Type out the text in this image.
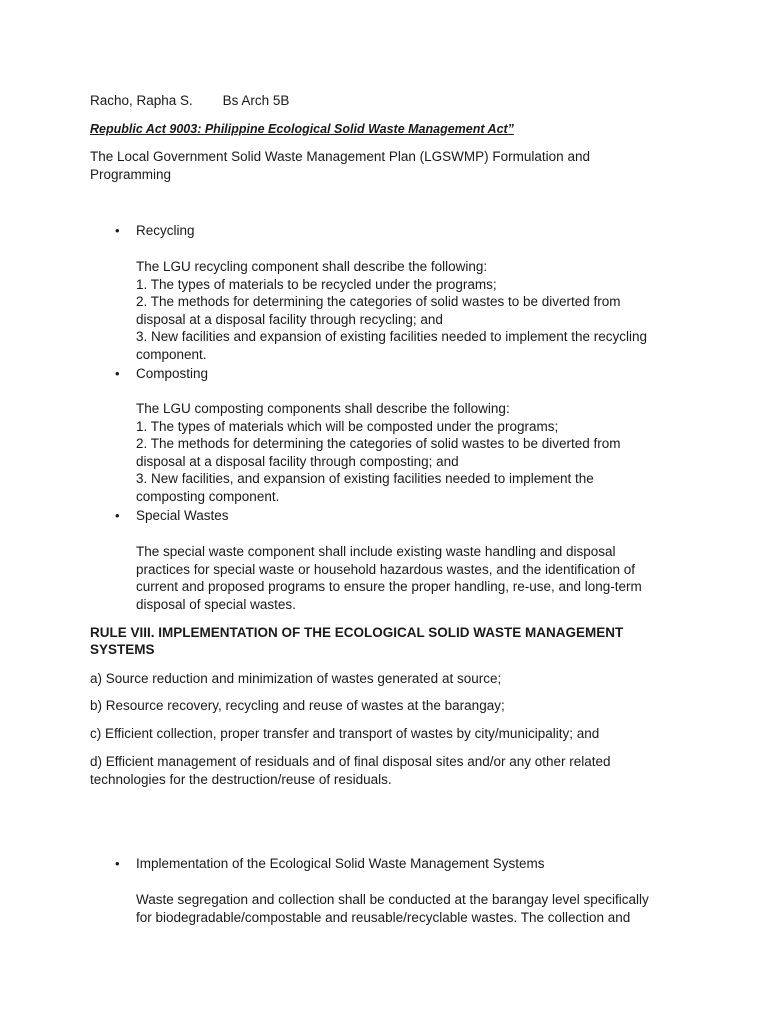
Racho, Rapha S. Bs Arch 5B
Republic Act 9003: Philippine Ecological Solid Waste Management Act”
The Local Government Solid Waste Management Plan (LGSWMP) Formulation and
Programming
• Recycling
The LGU recycling component shall describe the following:
1. The types of materials to be recycled under the programs;
2. The methods for determining the categories of solid wastes to be diverted from
disposal at a disposal facility through recycling; and
3. New facilities and expansion of existing facilities needed to implement the recycling
component.
• Composting
The LGU composting components shall describe the following:
1. The types of materials which will be composted under the programs;
2. The methods for determining the categories of solid wastes to be diverted from
disposal at a disposal facility through composting; and
3. New facilities, and expansion of existing facilities needed to implement the
composting component.
• Special Wastes
The special waste component shall include existing waste handling and disposal
practices for special waste or household hazardous wastes, and the identification of
current and proposed programs to ensure the proper handling, re-use, and long-term
disposal of special wastes.
RULE VIII. IMPLEMENTATION OF THE ECOLOGICAL SOLID WASTE MANAGEMENT
SYSTEMS
a) Source reduction and minimization of wastes generated at source;
b) Resource recovery, recycling and reuse of wastes at the barangay;
c) Efficient collection, proper transfer and transport of wastes by city/municipality; and
d) Efficient management of residuals and of final disposal sites and/or any other related
technologies for the destruction/reuse of residuals.
• Implementation of the Ecological Solid Waste Management Systems
Waste segregation and collection shall be conducted at the barangay level specifically
for biodegradable/compostable and reusable/recyclable wastes. The collection and
